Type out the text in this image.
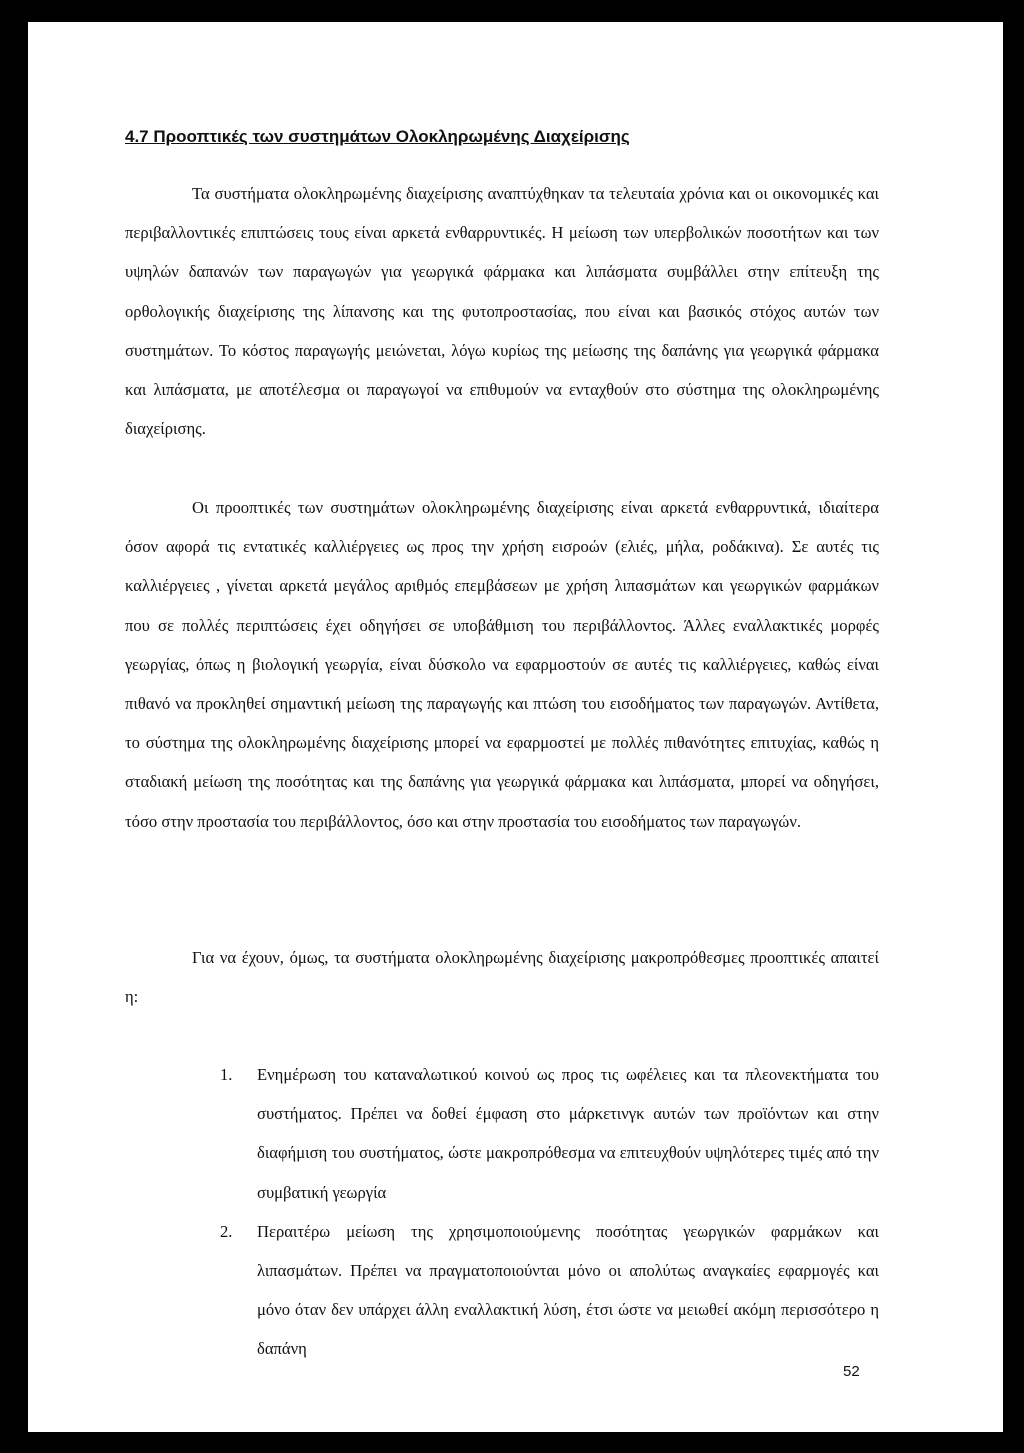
4.7 Προοπτικές των συστημάτων Ολοκληρωμένης Διαχείρισης

Τα συστήματα ολοκληρωμένης διαχείρισης αναπτύχθηκαν τα τελευταία χρόνια και οι οικονομικές και περιβαλλοντικές επιπτώσεις τους είναι αρκετά ενθαρρυντικές. Η μείωση των υπερβολικών ποσοτήτων και των υψηλών δαπανών των παραγωγών για γεωργικά φάρμακα και λιπάσματα συμβάλλει στην επίτευξη της ορθολογικής διαχείρισης της λίπανσης και της φυτοπροστασίας, που είναι και βασικός στόχος αυτών των συστημάτων. Το κόστος παραγωγής μειώνεται, λόγω κυρίως της μείωσης της δαπάνης για γεωργικά φάρμακα και λιπάσματα, με αποτέλεσμα οι παραγωγοί να επιθυμούν να ενταχθούν στο σύστημα της ολοκληρωμένης διαχείρισης.

Οι προοπτικές των συστημάτων ολοκληρωμένης διαχείρισης είναι αρκετά ενθαρρυντικά, ιδιαίτερα όσον αφορά τις εντατικές καλλιέργειες ως προς την χρήση εισροών (ελιές, μήλα, ροδάκινα). Σε αυτές τις καλλιέργειες , γίνεται αρκετά μεγάλος αριθμός επεμβάσεων με χρήση λιπασμάτων και γεωργικών φαρμάκων που σε πολλές περιπτώσεις έχει οδηγήσει σε υποβάθμιση του περιβάλλοντος. Άλλες εναλλακτικές μορφές γεωργίας, όπως η βιολογική γεωργία, είναι δύσκολο να εφαρμοστούν σε αυτές τις καλλιέργειες, καθώς είναι πιθανό να προκληθεί σημαντική μείωση της παραγωγής και πτώση του εισοδήματος των παραγωγών. Αντίθετα, το σύστημα της ολοκληρωμένης διαχείρισης μπορεί να εφαρμοστεί με πολλές πιθανότητες επιτυχίας, καθώς η σταδιακή μείωση της ποσότητας και της δαπάνης για γεωργικά φάρμακα και λιπάσματα, μπορεί να οδηγήσει, τόσο στην προστασία του περιβάλλοντος, όσο και στην προστασία του εισοδήματος των παραγωγών.

Για να έχουν, όμως, τα συστήματα ολοκληρωμένης διαχείρισης μακροπρόθεσμες προοπτικές απαιτεί η:

1. Ενημέρωση του καταναλωτικού κοινού ως προς τις ωφέλειες και τα πλεονεκτήματα του συστήματος. Πρέπει να δοθεί έμφαση στο μάρκετινγκ αυτών των προϊόντων και στην διαφήμιση του συστήματος, ώστε μακροπρόθεσμα να επιτευχθούν υψηλότερες τιμές από την συμβατική γεωργία
2. Περαιτέρω μείωση της χρησιμοποιούμενης ποσότητας γεωργικών φαρμάκων και λιπασμάτων. Πρέπει να πραγματοποιούνται μόνο οι απολύτως αναγκαίες εφαρμογές και μόνο όταν δεν υπάρχει άλλη εναλλακτική λύση, έτσι ώστε να μειωθεί ακόμη περισσότερο η δαπάνη
52
